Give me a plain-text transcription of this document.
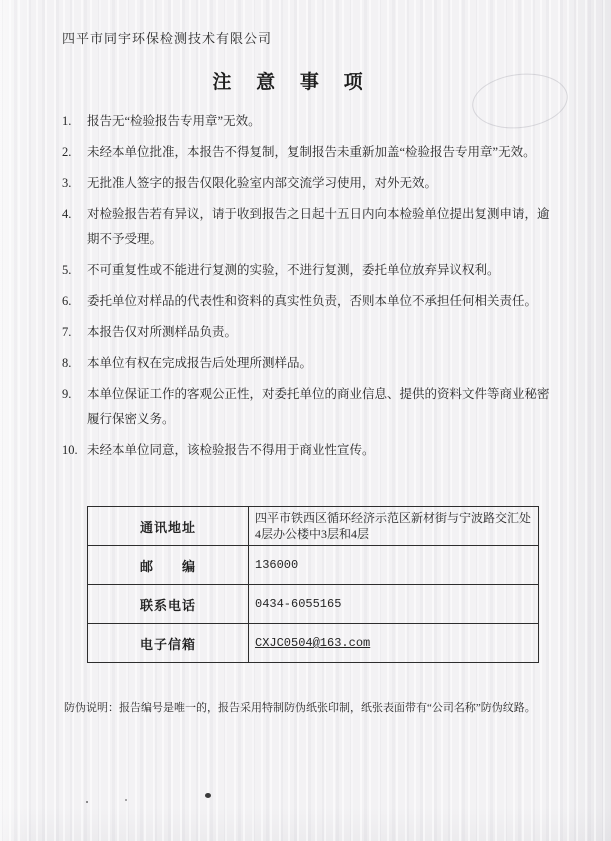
四平市同宇环保检测技术有限公司
注 意 事 项
1.	报告无“检验报告专用章”无效。
2.	未经本单位批准，本报告不得复制，复制报告未重新加盖“检验报告专用章”无效。
3.	无批准人签字的报告仅限化验室内部交流学习使用，对外无效。
4.	对检验报告若有异议，请于收到报告之日起十五日内向本检验单位提出复测申请，逾期不予受理。
5.	不可重复性或不能进行复测的实验，不进行复测，委托单位放弃异议权利。
6.	委托单位对样品的代表性和资料的真实性负责，否则本单位不承担任何相关责任。
7.	本报告仅对所测样品负责。
8.	本单位有权在完成报告后处理所测样品。
9.	本单位保证工作的客观公正性，对委托单位的商业信息、提供的资料文件等商业秘密履行保密义务。
10. 未经本单位同意，该检验报告不得用于商业性宣传。
通讯地址	四平市铁西区循环经济示范区新材街与宁波路交汇处4层办公楼中3层和4层
邮　　编	136000
联系电话	0434-6055165
电子信箱	CXJC0504@163.com
防伪说明：报告编号是唯一的，报告采用特制防伪纸张印制，纸张表面带有“公司名称”防伪纹路。
